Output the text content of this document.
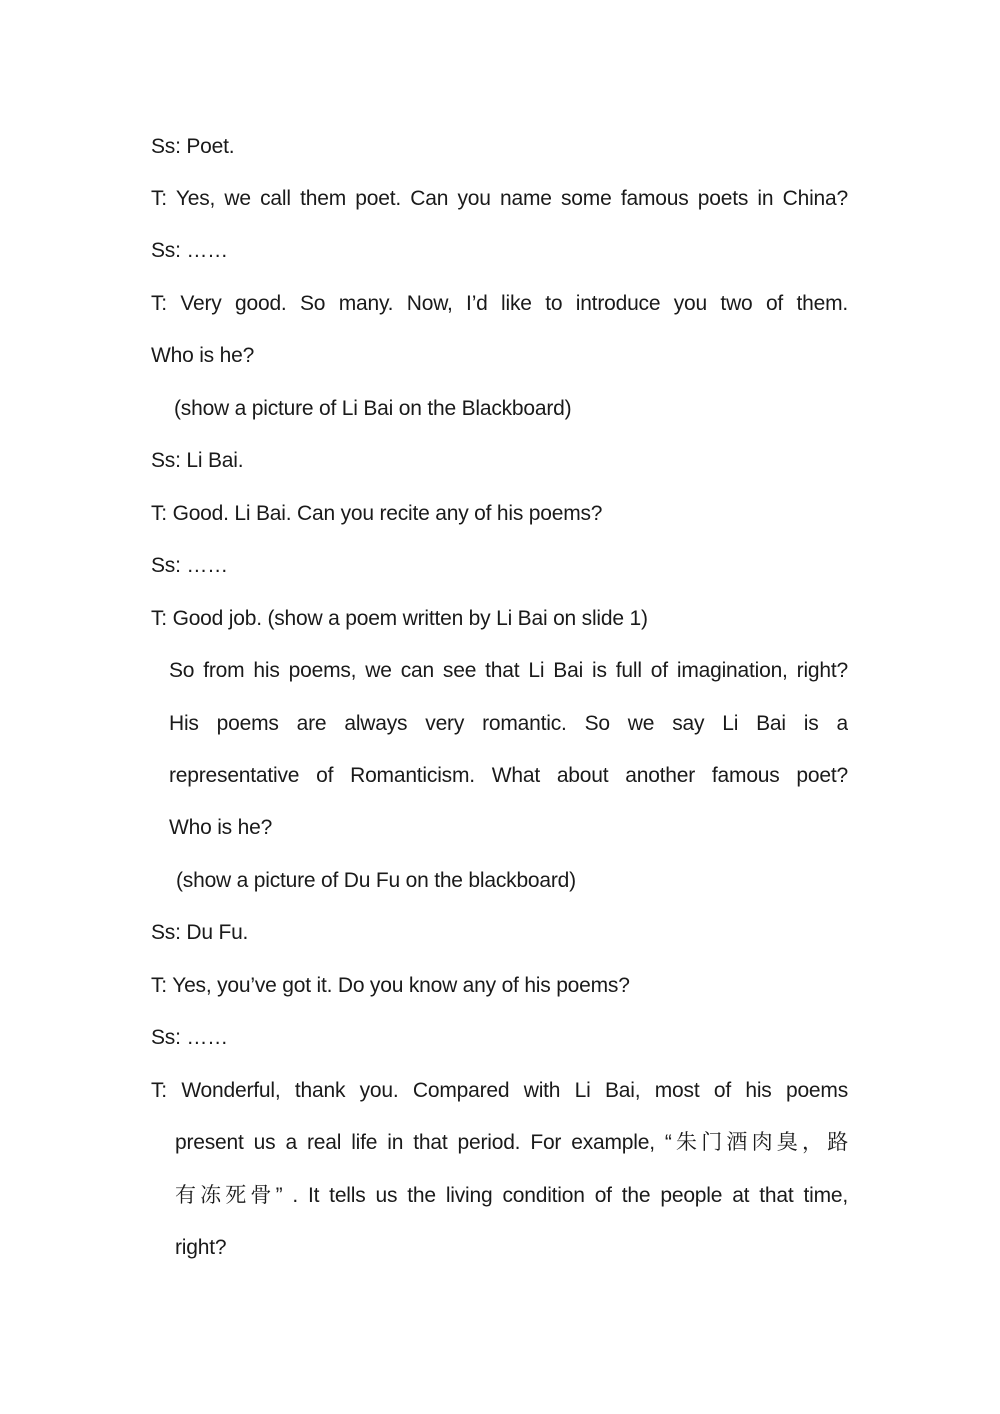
Ss: Poet.
T: Yes, we call them poet. Can you name some famous poets in China?
Ss: ……
T: Very good. So many. Now, I’d like to introduce you two of them.
Who is he?
(show a picture of Li Bai on the Blackboard)
Ss: Li Bai.
T: Good. Li Bai. Can you recite any of his poems?
Ss: ……
T: Good job. (show a poem written by Li Bai on slide 1)
So from his poems, we can see that Li Bai is full of imagination, right?
His poems are always very romantic. So we say Li Bai is a
representative of Romanticism. What about another famous poet?
Who is he?
(show a picture of Du Fu on the blackboard)
Ss: Du Fu.
T: Yes, you’ve got it. Do you know any of his poems?
Ss: ……
T: Wonderful, thank you. Compared with Li Bai, most of his poems
present us a real life in that period. For example, “朱门酒肉臭，路
有冻死骨” . It tells us the living condition of the people at that time,
right?
